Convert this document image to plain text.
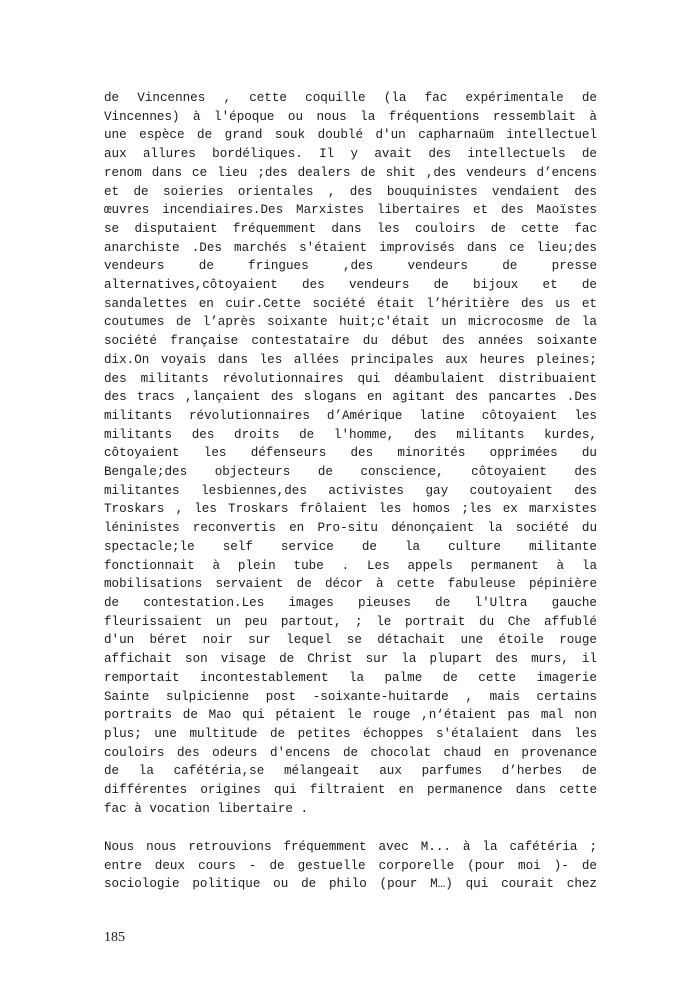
de Vincennes , cette coquille (la fac expérimentale de
Vincennes) à l'époque ou nous la fréquentions ressemblait à
une espèce de grand souk doublé d'un capharnaüm intellectuel
aux allures bordéliques. Il y avait des intellectuels de
renom dans ce lieu ;des dealers de shit ,des vendeurs d’encens
et de soieries orientales , des bouquinistes vendaient des
œuvres incendiaires.Des Marxistes libertaires et des Maoïstes
se disputaient fréquemment dans les couloirs de cette fac
anarchiste .Des marchés s'étaient improvisés dans ce lieu;des
vendeurs de fringues ,des vendeurs de presse
alternatives,côtoyaient des vendeurs de bijoux et de
sandalettes en cuir.Cette société était l’héritière des us et
coutumes de l’après soixante huit;c'était un microcosme de la
société française contestataire du début des années soixante
dix.On voyais dans les allées principales aux heures pleines;
des militants révolutionnaires qui déambulaient distribuaient
des tracs ,lançaient des slogans en agitant des pancartes .Des
militants révolutionnaires d’Amérique latine côtoyaient les
militants des droits de l'homme, des militants kurdes,
côtoyaient les défenseurs des minorités opprimées du
Bengale;des objecteurs de conscience, côtoyaient des
militantes lesbiennes,des activistes gay coutoyaient des
Troskars , les Troskars frôlaient les homos ;les ex marxistes
léninistes reconvertis en Pro-situ dénonçaient la société du
spectacle;le self service de la culture militante
fonctionnait à plein tube . Les appels permanent à la
mobilisations servaient de décor à cette fabuleuse pépinière
de contestation.Les images pieuses de l'Ultra gauche
fleurissaient un peu partout, ; le portrait du Che affublé
d'un béret noir sur lequel se détachait une étoile rouge
affichait son visage de Christ sur la plupart des murs, il
remportait incontestablement la palme de cette imagerie
Sainte sulpicienne post -soixante-huitarde , mais certains
portraits de Mao qui pétaient le rouge ,n‘étaient pas mal non
plus; une multitude de petites échoppes s'étalaient dans les
couloirs des odeurs d'encens de chocolat chaud en provenance
de la cafétéria,se mélangeait aux parfumes d’herbes de
différentes origines qui filtraient en permanence dans cette
fac à vocation libertaire .
Nous nous retrouvions fréquemment avec M... à la cafétéria ;
entre deux cours - de gestuelle corporelle (pour moi )- de
sociologie politique ou de philo (pour M…) qui courait chez
185
